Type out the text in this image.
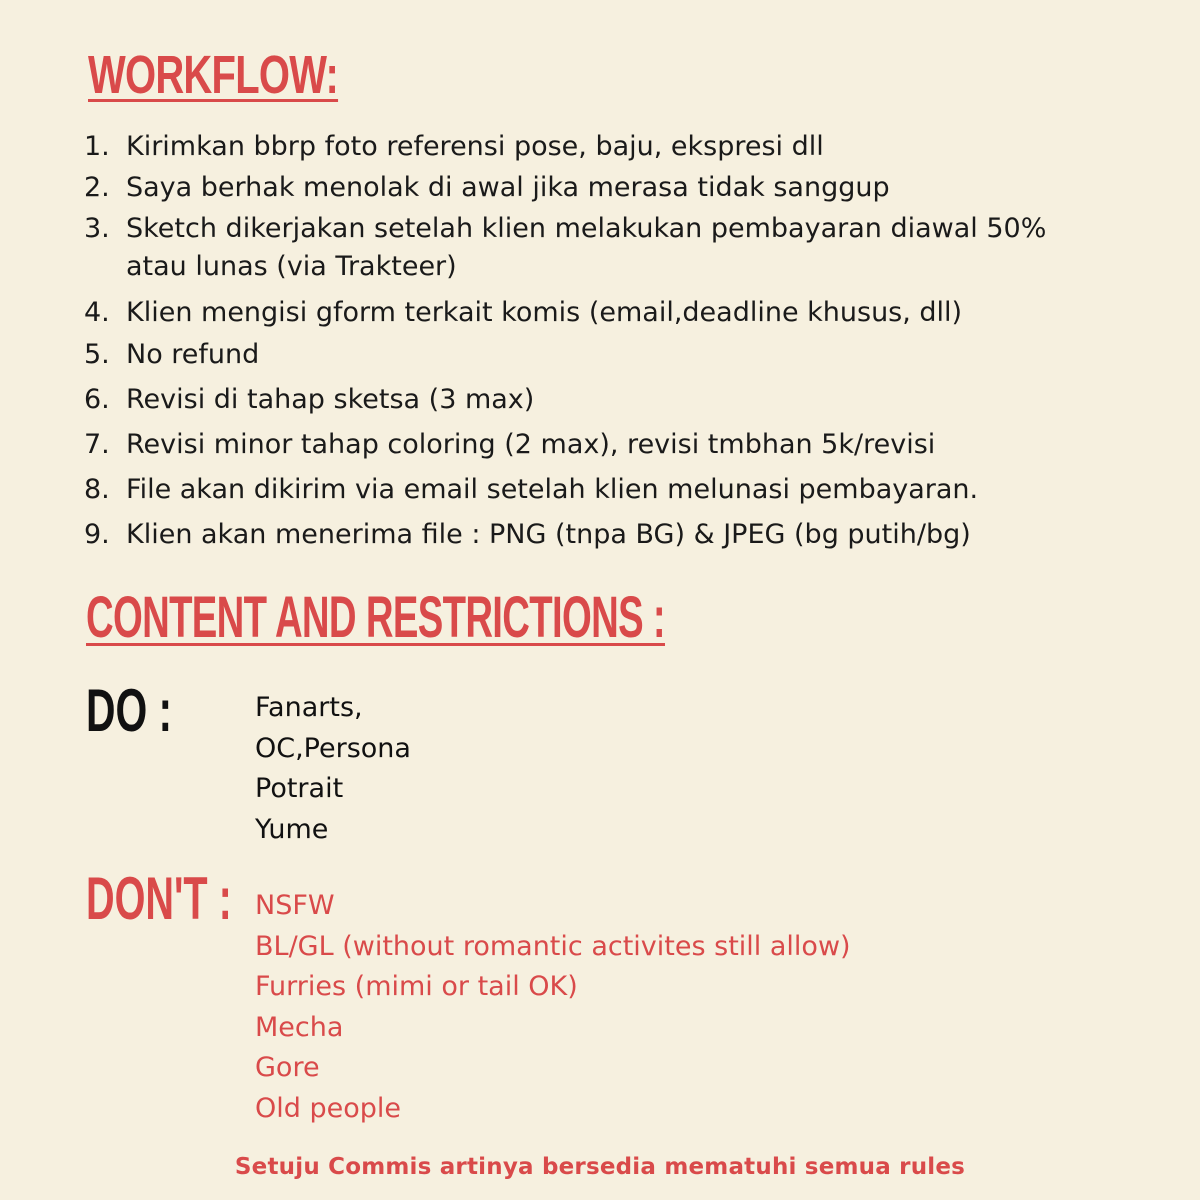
WORKFLOW:
1. Kirimkan bbrp foto referensi pose, baju, ekspresi dll
2. Saya berhak menolak di awal jika merasa tidak sanggup
3. Sketch dikerjakan setelah klien melakukan pembayaran diawal 50% atau lunas (via Trakteer)
4. Klien mengisi gform terkait komis (email,deadline khusus, dll)
5. No refund
6. Revisi di tahap sketsa (3 max)
7. Revisi minor tahap coloring (2 max), revisi tmbhan 5k/revisi
8. File akan dikirim via email setelah klien melunasi pembayaran.
9. Klien akan menerima file : PNG (tnpa BG) & JPEG (bg putih/bg)
CONTENT AND RESTRICTIONS :
DO :	Fanarts,
OC,Persona
Potrait
Yume
DON'T : NSFW
BL/GL (without romantic activites still allow)
Furries (mimi or tail OK)
Mecha
Gore
Old people
Setuju Commis artinya bersedia mematuhi semua rules
